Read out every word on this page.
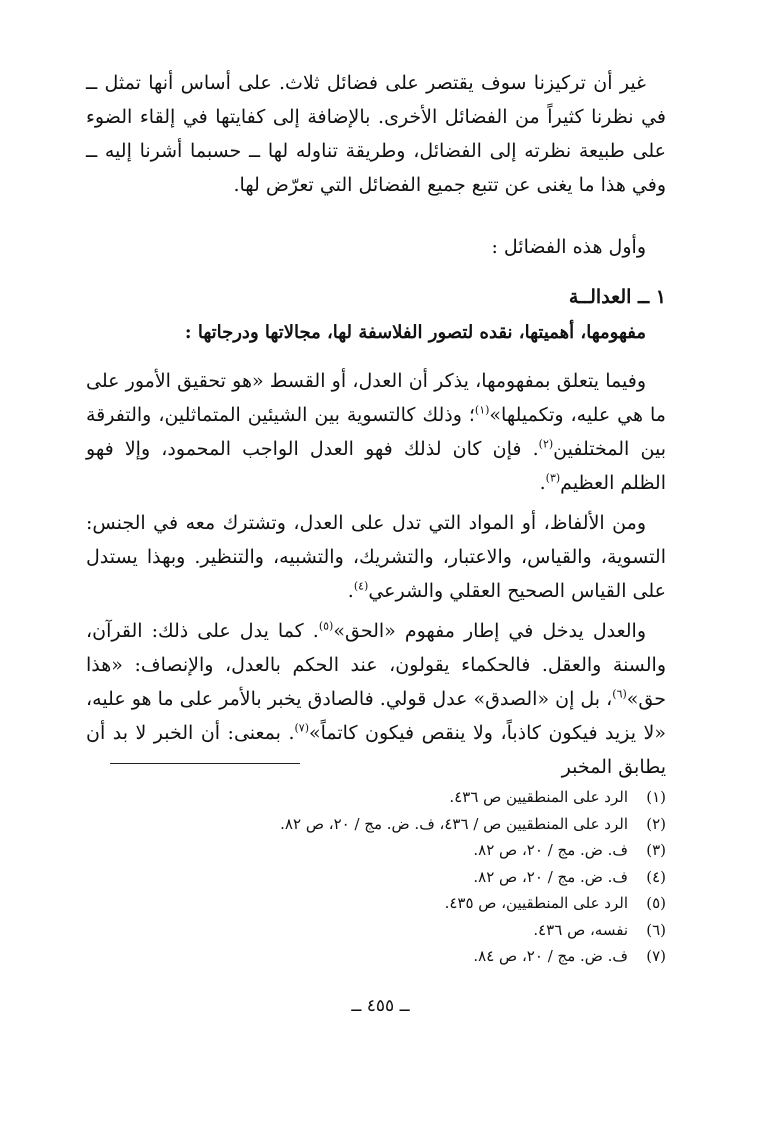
غير أن تركيزنا سوف يقتصر على فضائل ثلاث. على أساس أنها تمثل ــ في نظرنا كثيراً من الفضائل الأخرى. بالإضافة إلى كفايتها في إلقاء الضوء على طبيعة نظرته إلى الفضائل، وطريقة تناوله لها ــ حسبما أشرنا إليه ــ وفي هذا ما يغنى عن تتبع جميع الفضائل التي تعرّض لها.

وأول هذه الفضائل :

١ ــ العدالــة
مفهومها، أهميتها، نقده لتصور الفلاسفة لها، مجالاتها ودرجاتها :

وفيما يتعلق بمفهومها، يذكر أن العدل، أو القسط «هو تحقيق الأمور على ما هي عليه، وتكميلها»$^{(١)}$؛ وذلك كالتسوية بين الشيئين المتماثلين، والتفرقة بين المختلفين$^{(٢)}$. فإن كان لذلك فهو العدل الواجب المحمود، وإلا فهو الظلم العظيم$^{(٣)}$.

ومن الألفاظ، أو المواد التي تدل على العدل، وتشترك معه في الجنس: التسوية، والقياس، والاعتبار، والتشريك، والتشبيه، والتنظير. وبهذا يستدل على القياس الصحيح العقلي والشرعي$^{(٤)}$.

والعدل يدخل في إطار مفهوم «الحق»$^{(٥)}$. كما يدل على ذلك: القرآن، والسنة والعقل. فالحكماء يقولون، عند الحكم بالعدل، والإنصاف: «هذا حق»$^{(٦)}$، بل إن «الصدق» عدل قولي. فالصادق يخبر بالأمر على ما هو عليه، «لا يزيد فيكون كاذباً، ولا ينقص فيكون كاتماً»$^{(٧)}$. بمعنى: أن الخبر لا بد أن يطابق المخبر

(١)الرد على المنطقيين ص ٤٣٦.
(٢)الرد على المنطقيين ص / ٤٣٦، ف. ض. مج / ٢٠، ص ٨٢.
(٣)ف. ض. مج / ٢٠، ص ٨٢.
(٤)ف. ض. مج / ٢٠، ص ٨٢.
(٥)الرد على المنطقيين، ص ٤٣٥.
(٦)نفسه، ص ٤٣٦.
(٧)ف. ض. مج / ٢٠، ص ٨٤.
ــ ٤٥٥ ــ
